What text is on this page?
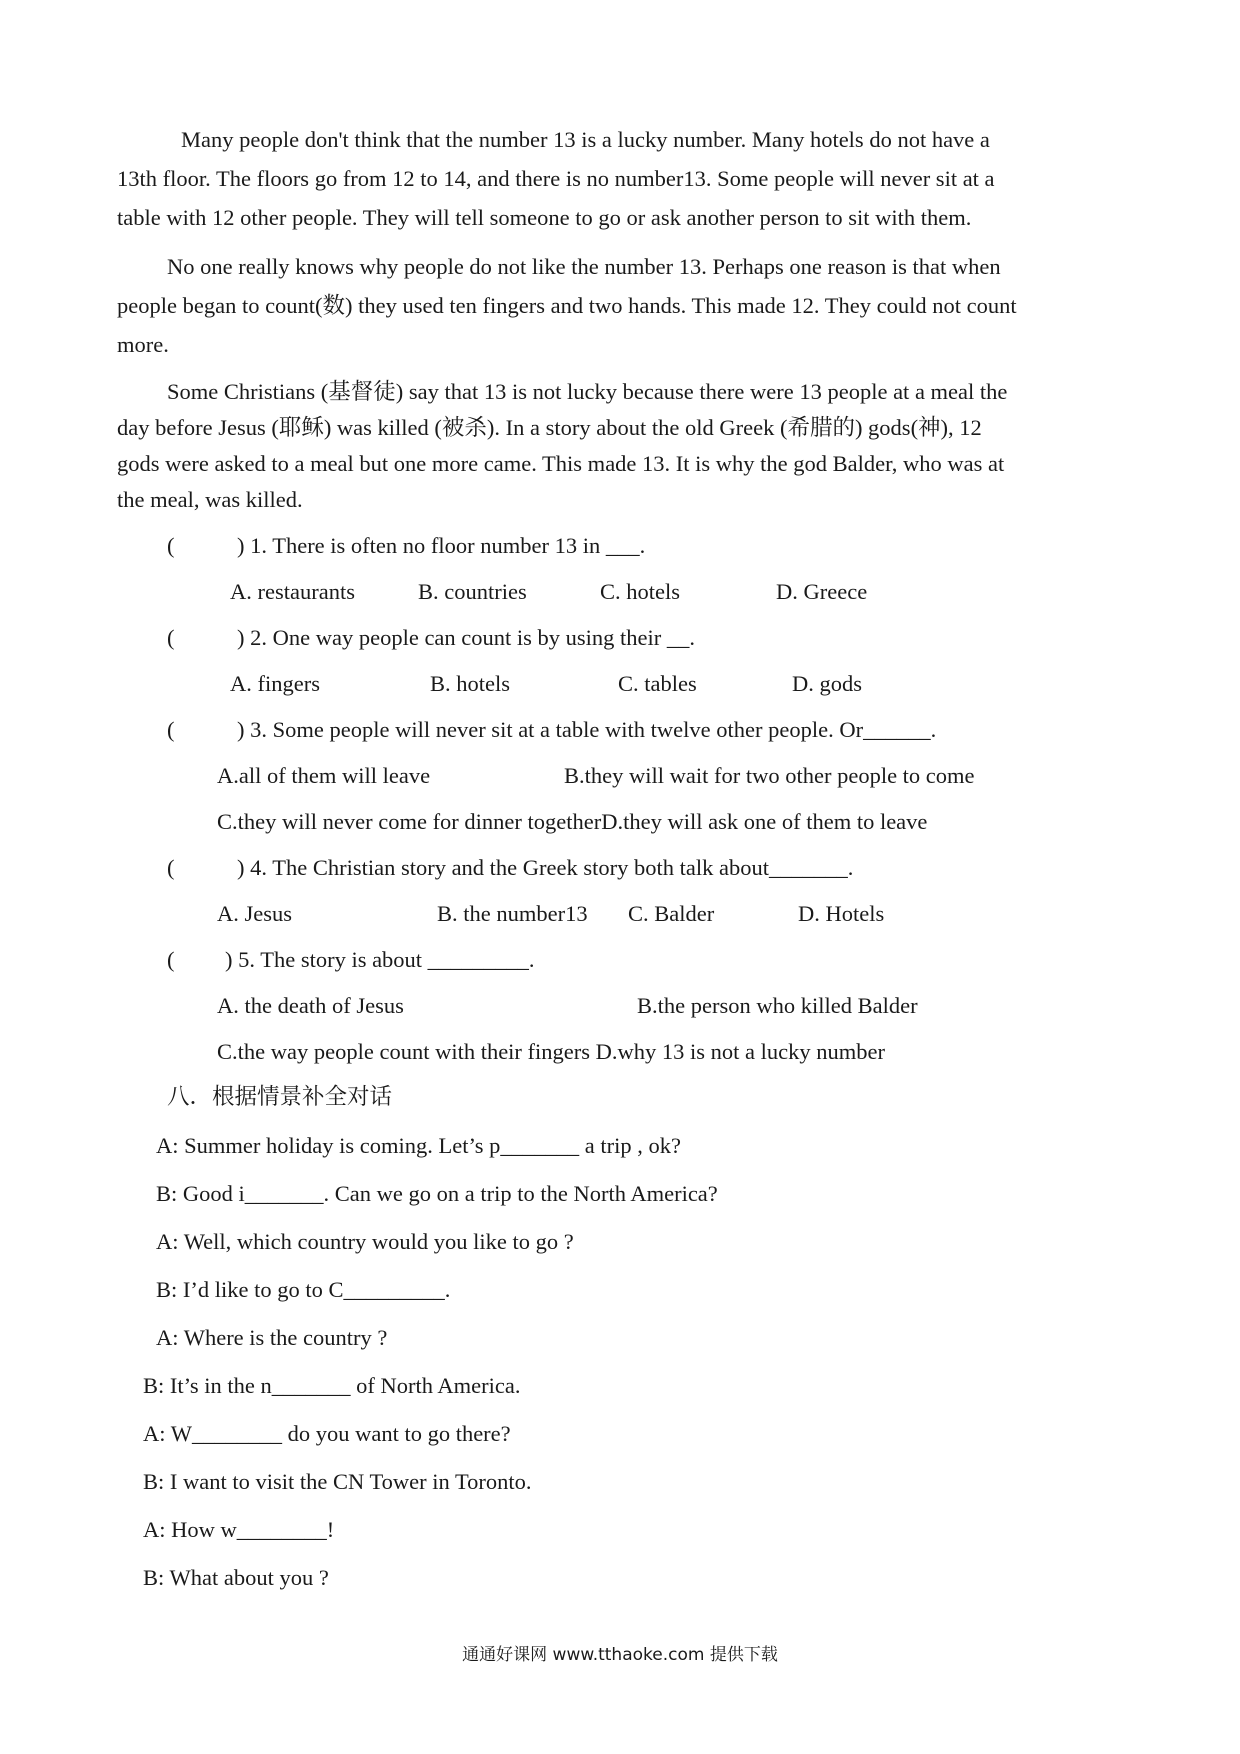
Many people don't think that the number 13 is a lucky number. Many hotels do not have a
13th floor. The floors go from 12 to 14, and there is no number13. Some people will never sit at a
table with 12 other people. They will tell someone to go or ask another person to sit with them.
No one really knows why people do not like the number 13. Perhaps one reason is that when
people began to count(数) they used ten fingers and two hands. This made 12. They could not count
more.
Some Christians (基督徒) say that 13 is not lucky because there were 13 people at a meal the
day before Jesus (耶稣) was killed (被杀). In a story about the old Greek (希腊的) gods(神), 12
gods were asked to a meal but one more came. This made 13. It is why the god Balder, who was at
the meal, was killed.
(	) 1. There is often no floor number 13 in ___.
A. restaurants	B. countries	C. hotels	D. Greece
(	) 2. One way people can count is by using their __.
A. fingers	B. hotels	C. tables	D. gods
(	) 3. Some people will never sit at a table with twelve other people. Or______.
A.all of them will leave	B.they will wait for two other people to come
C.they will never come for dinner togetherD.they will ask one of them to leave
(	) 4. The Christian story and the Greek story both talk about_______.
A. Jesus	B. the number13 C. Balder	D. Hotels
( ) 5. The story is about _________.
A. the death of Jesus	B.the person who killed Balder
C.the way people count with their fingers D.why 13 is not a lucky number
八．根据情景补全对话
A: Summer holiday is coming. Let’s p_______ a trip , ok?
B: Good i_______. Can we go on a trip to the North America?
A: Well, which country would you like to go ?
B: I’d like to go to C_________.
A: Where is the country ?
B: It’s in the n_______ of North America.
A: W________ do you want to go there?
B: I want to visit the CN Tower in Toronto.
A: How w________!
B: What about you ?
通通好课网 www.tthaoke.com 提供下载
